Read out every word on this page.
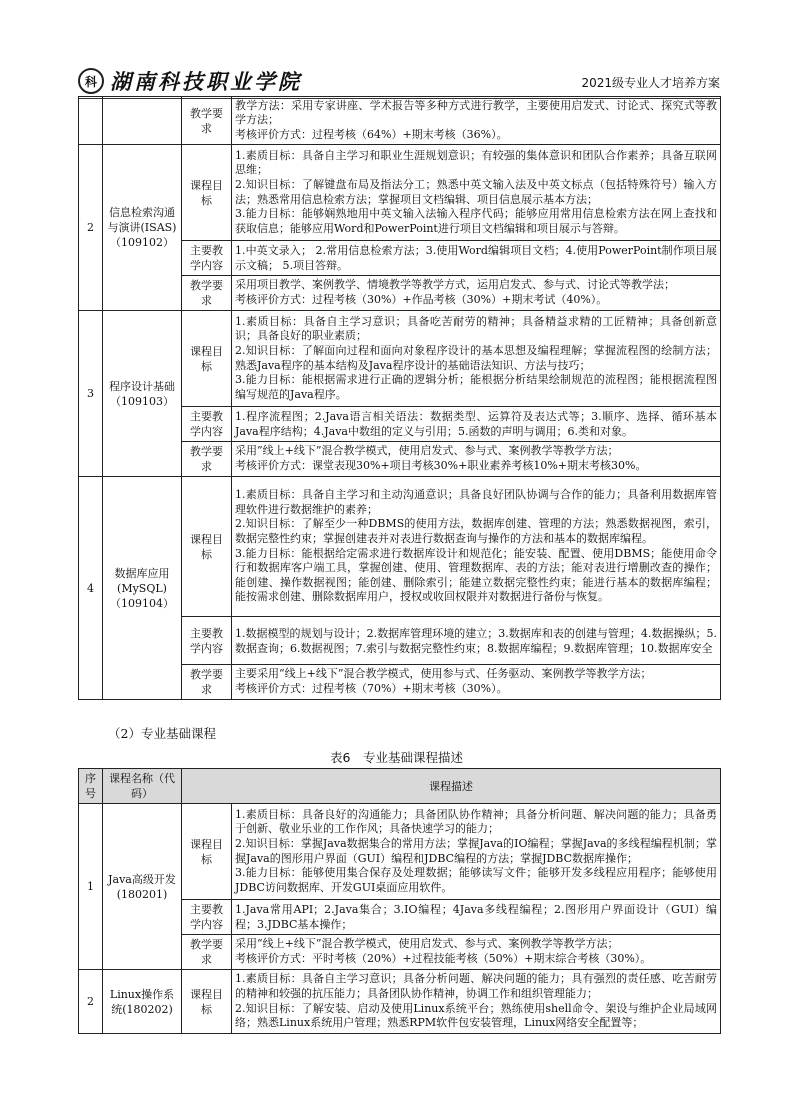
科 湖南科技职业学院	2021级专业人才培养方案
		教学要求	教学方法：采用专家讲座、学术报告等多种方式进行教学，主要使用启发式、讨论式、探究式等教学方法；
考核评价方式：过程考核（64%）+期末考核（36%）。

2	信息检索沟通与演讲(ISAS)（109102）	课程目标	1.素质目标：具备自主学习和职业生涯规划意识；有较强的集体意识和团队合作素养；具备互联网思维；
2.知识目标：了解键盘布局及指法分工；熟悉中英文输入法及中英文标点（包括特殊符号）输入方法；熟悉常用信息检索方法；掌握项目文档编辑、项目信息展示基本方法；
3.能力目标：能够娴熟地用中英文输入法输入程序代码；能够应用常用信息检索方法在网上查找和获取信息；能够应用Word和PowerPoint进行项目文档编辑和项目展示与答辩。

		主要教学内容	1.中英文录入； 2.常用信息检索方法；3.使用Word编辑项目文档；4.使用PowerPoint制作项目展示文稿； 5.项目答辩。
		教学要求	采用项目教学、案例教学、情境教学等教学方式，运用启发式、参与式、讨论式等教学法；
考核评价方式：过程考核（30%）+作品考核（30%）+期末考试（40%）。

3	程序设计基础（109103）	课程目标	1.素质目标：具备自主学习意识；具备吃苦耐劳的精神；具备精益求精的工匠精神；具备创新意识；具备良好的职业素质；
2.知识目标：了解面向过程和面向对象程序设计的基本思想及编程理解；掌握流程图的绘制方法；熟悉Java程序的基本结构及Java程序设计的基础语法知识、方法与技巧；
3.能力目标：能根据需求进行正确的逻辑分析；能根据分析结果绘制规范的流程图；能根据流程图编写规范的Java程序。

		主要教学内容	1.程序流程图；2.Java语言相关语法：数据类型、运算符及表达式等；3.顺序、选择、循环基本Java程序结构；4.Java中数组的定义与引用；5.函数的声明与调用；6.类和对象。
		教学要求	采用”线上+线下”混合教学模式，使用启发式、参与式、案例教学等教学方法；
考核评价方式：课堂表现30%+项目考核30%+职业素养考核10%+期末考核30%。

4	数据库应用(MySQL)（109104）	课程目标	1.素质目标：具备自主学习和主动沟通意识；具备良好团队协调与合作的能力；具备利用数据库管理软件进行数据维护的素养；
2.知识目标：了解至少一种DBMS的使用方法，数据库创建、管理的方法；熟悉数据视图，索引，数据完整性约束；掌握创建表并对表进行数据查询与操作的方法和基本的数据库编程。
3.能力目标：能根据给定需求进行数据库设计和规范化；能安装、配置、使用DBMS；能使用命令行和数据库客户端工具，掌握创建、使用、管理数据库、表的方法；能对表进行增删改查的操作；能创建、操作数据视图；能创建、删除索引；能建立数据完整性约束；能进行基本的数据库编程；能按需求创建、删除数据库用户，授权或收回权限并对数据进行备份与恢复。

		主要教学内容	1.数据模型的规划与设计；2.数据库管理环境的建立；3.数据库和表的创建与管理；4.数据操纵；5.数据查询；6.数据视图；7.索引与数据完整性约束；8.数据库编程；9.数据库管理；10.数据库安全
		教学要求	主要采用“线上+线下”混合教学模式，使用参与式、任务驱动、案例教学等教学方法；
考核评价方式：过程考核（70%）+期末考核（30%）。
（2）专业基础课程
表6　专业基础课程描述
序号	课程名称（代码）	课程描述	
1	Java高级开发(180201)	课程目标	1.素质目标：具备良好的沟通能力；具备团队协作精神；具备分析问题、解决问题的能力；具备勇于创新、敬业乐业的工作作风；具备快速学习的能力；
2.知识目标：掌握Java数据集合的常用方法；掌握Java的IO编程；掌握Java的多线程编程机制；掌握Java的图形用户界面（GUI）编程和JDBC编程的方法；掌握JDBC数据库操作；
3.能力目标：能够使用集合保存及处理数据；能够读写文件；能够开发多线程应用程序；能够使用JDBC访问数据库、开发GUI桌面应用软件。

		主要教学内容	1.Java常用API；2.Java集合；3.IO编程；4Java多线程编程；2.图形用户界面设计（GUI）编程；3.JDBC基本操作；
		教学要求	采用“线上+线下”混合教学模式，使用启发式、参与式、案例教学等教学方法；
考核评价方式：平时考核（20%）+过程技能考核（50%）+期末综合考核（30%）。

2	Linux操作系统(180202)	课程目标	1.素质目标：具备自主学习意识；具备分析问题、解决问题的能力；具有强烈的责任感、吃苦耐劳的精神和较强的抗压能力；具备团队协作精神，协调工作和组织管理能力；
2.知识目标：了解安装、启动及使用Linux系统平台；熟练使用shell命令、架设与维护企业局域网络；熟悉Linux系统用户管理；熟悉RPM软件包安装管理，Linux网络安全配置等；
